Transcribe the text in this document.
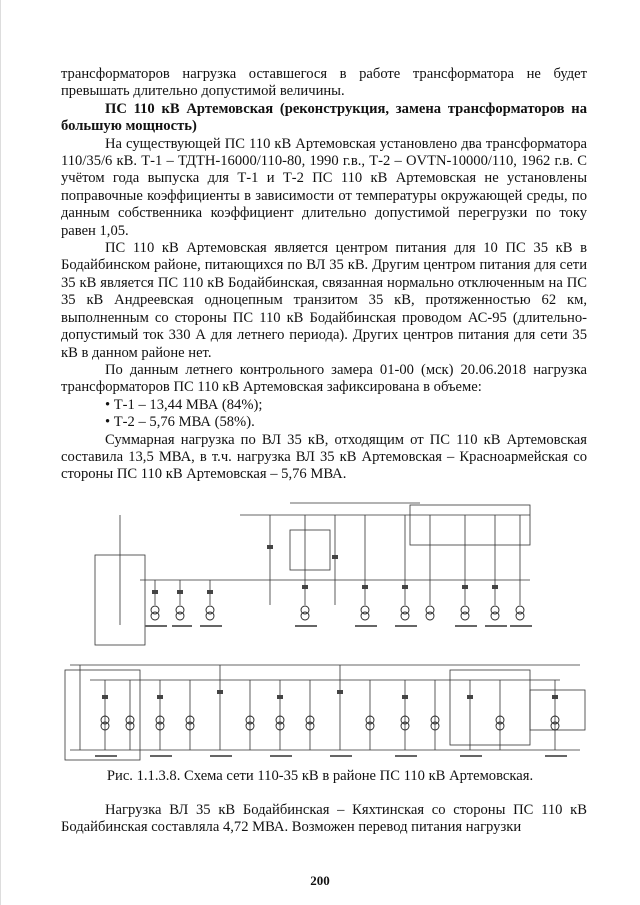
трансформаторов нагрузка оставшегося в работе трансформатора не будет превышать длительно допустимой величины.

ПС 110 кВ Артемовская (реконструкция, замена трансформаторов на большую мощность)

На существующей ПС 110 кВ Артемовская установлено два трансформатора 110/35/6 кВ. Т-1 – ТДТН-16000/110-80, 1990 г.в., Т-2 – OVTN-10000/110, 1962 г.в. С учётом года выпуска для Т-1 и Т-2 ПС 110 кВ Артемовская не установлены поправочные коэффициенты в зависимости от температуры окружающей среды, по данным собственника коэффициент длительно допустимой перегрузки по току равен 1,05.

ПС 110 кВ Артемовская является центром питания для 10 ПС 35 кВ в Бодайбинском районе, питающихся по ВЛ 35 кВ. Другим центром питания для сети 35 кВ является ПС 110 кВ Бодайбинская, связанная нормально отключенным на ПС 35 кВ Андреевская одноцепным транзитом 35 кВ, протяженностью 62 км, выполненным со стороны ПС 110 кВ Бодайбинская проводом АС-95 (длительно-допустимый ток 330 А для летнего периода). Других центров питания для сети 35 кВ в данном районе нет.

По данным летнего контрольного замера 01-00 (мск) 20.06.2018 нагрузка трансформаторов ПС 110 кВ Артемовская зафиксирована в объеме:

• Т-1 – 13,44 МВА (84%);

• Т-2 – 5,76 МВА (58%).

Суммарная нагрузка по ВЛ 35 кВ, отходящим от ПС 110 кВ Артемовская составила 13,5 МВА, в т.ч. нагрузка ВЛ 35 кВ Артемовская – Красноармейская со стороны ПС 110 кВ Артемовская – 5,76 МВА.

Рис. 1.1.3.8. Схема сети 110-35 кВ в районе ПС 110 кВ Артемовская.

Нагрузка ВЛ 35 кВ Бодайбинская – Кяхтинская со стороны ПС 110 кВ Бодайбинская составляла 4,72 МВА. Возможен перевод питания нагрузки

200
